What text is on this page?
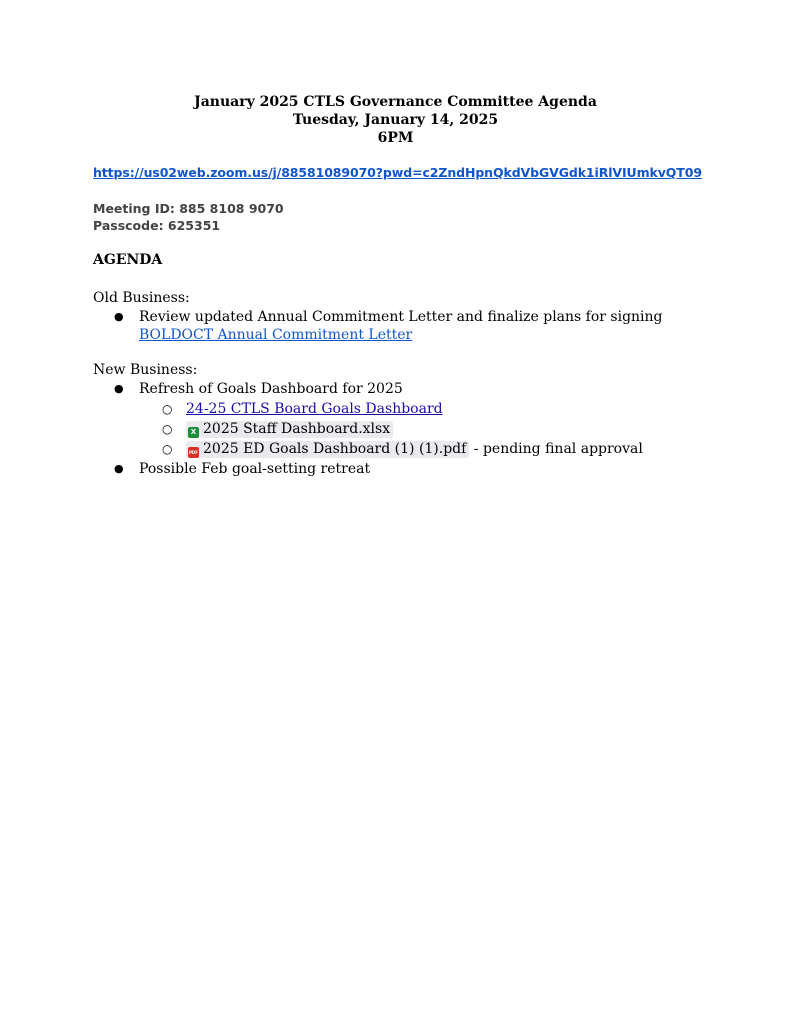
January 2025 CTLS Governance Committee Agenda
Tuesday, January 14, 2025
6PM
https://us02web.zoom.us/j/88581089070?pwd=c2ZndHpnQkdVbGVGdk1iRlVIUmkvQT09
Meeting ID: 885 8108 9070
Passcode: 625351
AGENDA
Old Business:
● Review updated Annual Commitment Letter and finalize plans for signing BOLDOCT Annual Commitment Letter
New Business:
● Refresh of Goals Dashboard for 2025
○ 24-25 CTLS Board Goals Dashboard
○	X 2025 Staff Dashboard.xlsx
○	PDF 2025 ED Goals Dashboard (1) (1).pdf - pending final approval
● Possible Feb goal-setting retreat
